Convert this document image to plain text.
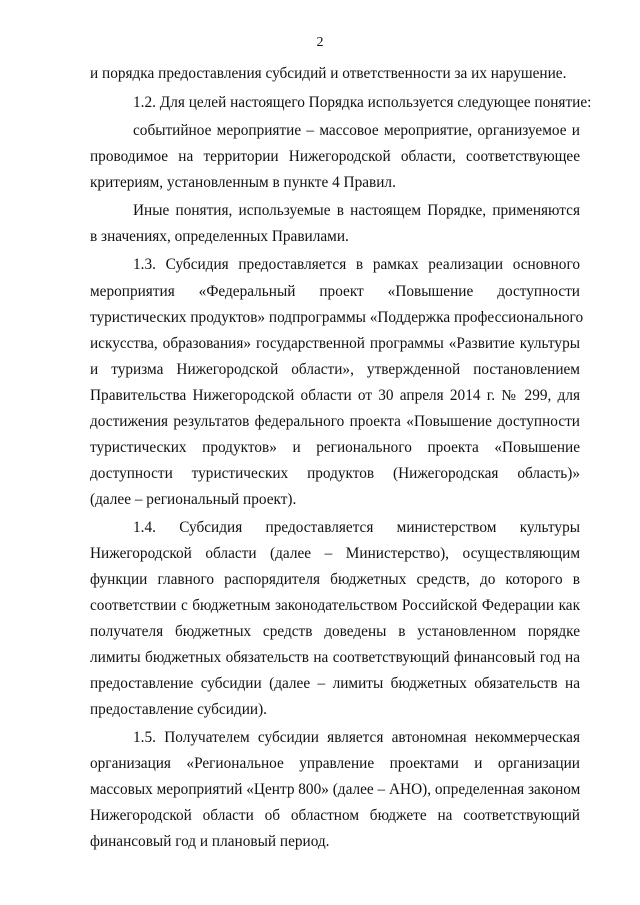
2
и порядка предоставления субсидий и ответственности за их нарушение.
1.2. Для целей настоящего Порядка используется следующее понятие:
событийное мероприятие – массовое мероприятие, организуемое и
проводимое на территории Нижегородской области, соответствующее
критериям, установленным в пункте 4 Правил.
Иные понятия, используемые в настоящем Порядке, применяются
в значениях, определенных Правилами.
1.3. Субсидия предоставляется в рамках реализации основного
мероприятия «Федеральный проект «Повышение доступности
туристических продуктов» подпрограммы «Поддержка профессионального
искусства, образования» государственной программы «Развитие культуры
и туризма Нижегородской области», утвержденной постановлением
Правительства Нижегородской области от 30 апреля 2014 г. № 299, для
достижения результатов федерального проекта «Повышение доступности
туристических продуктов» и регионального проекта «Повышение
доступности туристических продуктов (Нижегородская область)»
(далее – региональный проект).
1.4. Субсидия предоставляется министерством культуры
Нижегородской области (далее – Министерство), осуществляющим
функции главного распорядителя бюджетных средств, до которого в
соответствии с бюджетным законодательством Российской Федерации как
получателя бюджетных средств доведены в установленном порядке
лимиты бюджетных обязательств на соответствующий финансовый год на
предоставление субсидии (далее – лимиты бюджетных обязательств на
предоставление субсидии).
1.5. Получателем субсидии является автономная некоммерческая
организация «Региональное управление проектами и организации
массовых мероприятий «Центр 800» (далее – АНО), определенная законом
Нижегородской области об областном бюджете на соответствующий
финансовый год и плановый период.
